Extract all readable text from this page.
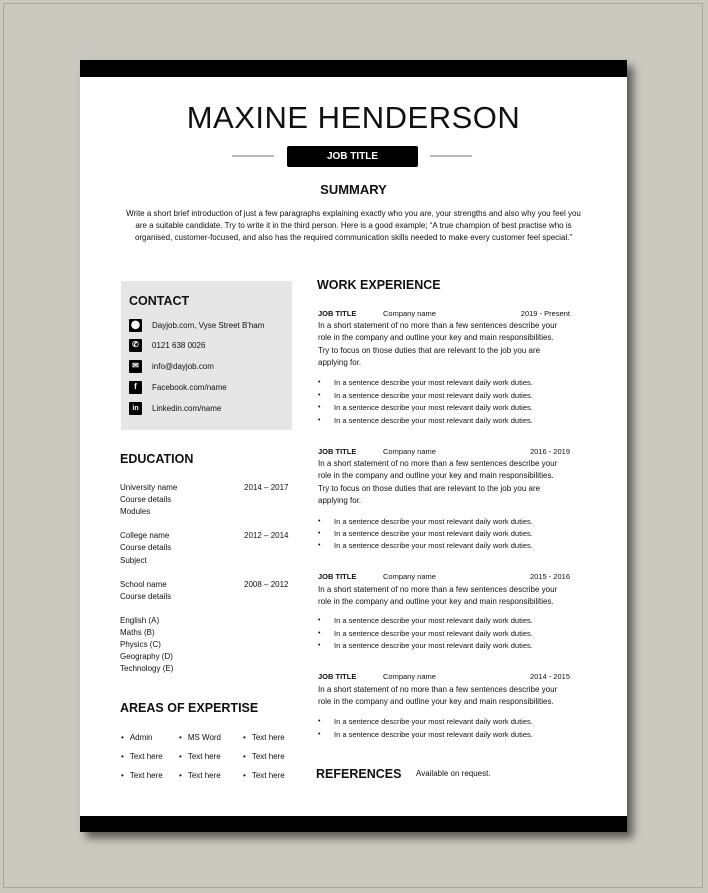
MAXINE HENDERSON
JOB TITLE
SUMMARY
Write a short brief introduction of just a few paragraphs explaining exactly who you are, your strengths and also why you feel you are a suitable candidate. Try to write it in the third person. Here is a good example; “A true champion of best practise who is organised, customer-focused, and also has the required communication skills needed to make every customer feel special.”
CONTACT
⬤ Dayjob.com, Vyse Street B'ham
✆	0121 638 0026
✉	info@dayjob.com
f	Facebook.com/name
in	Linkedin.com/name
EDUCATION
University name	2014 – 2017
Course details
Modules
College name	2012 – 2014
Course details
Subject
School name	2008 – 2012
Course details
English (A)
Maths (B)
Physics (C)
Geography (D)
Technology (E)
AREAS OF EXPERTISE
• Admin	• MS Word	• Text here
• Text here • Text here	• Text here
• Text here • Text here	• Text here
WORK EXPERIENCE
JOB TITLE	Company name	2019 - Present
In a short statement of no more than a few sentences describe your
role in the company and outline your key and main responsibilities.
Try to focus on those duties that are relevant to the job you are
applying for.
•	In a sentence describe your most relevant daily work duties.
•	In a sentence describe your most relevant daily work duties.
•	In a sentence describe your most relevant daily work duties.
•	In a sentence describe your most relevant daily work duties.
JOB TITLE	Company name	2016 - 2019
In a short statement of no more than a few sentences describe your
role in the company and outline your key and main responsibilities.
Try to focus on those duties that are relevant to the job you are
applying for.
•	In a sentence describe your most relevant daily work duties.
•	In a sentence describe your most relevant daily work duties.
•	In a sentence describe your most relevant daily work duties.
JOB TITLE	Company name	2015 - 2016
In a short statement of no more than a few sentences describe your
role in the company and outline your key and main responsibilities.
•	In a sentence describe your most relevant daily work duties.
•	In a sentence describe your most relevant daily work duties.
•	In a sentence describe your most relevant daily work duties.
JOB TITLE	Company name	2014 - 2015
In a short statement of no more than a few sentences describe your
role in the company and outline your key and main responsibilities.
•	In a sentence describe your most relevant daily work duties.
•	In a sentence describe your most relevant daily work duties.
REFERENCES Available on request.
